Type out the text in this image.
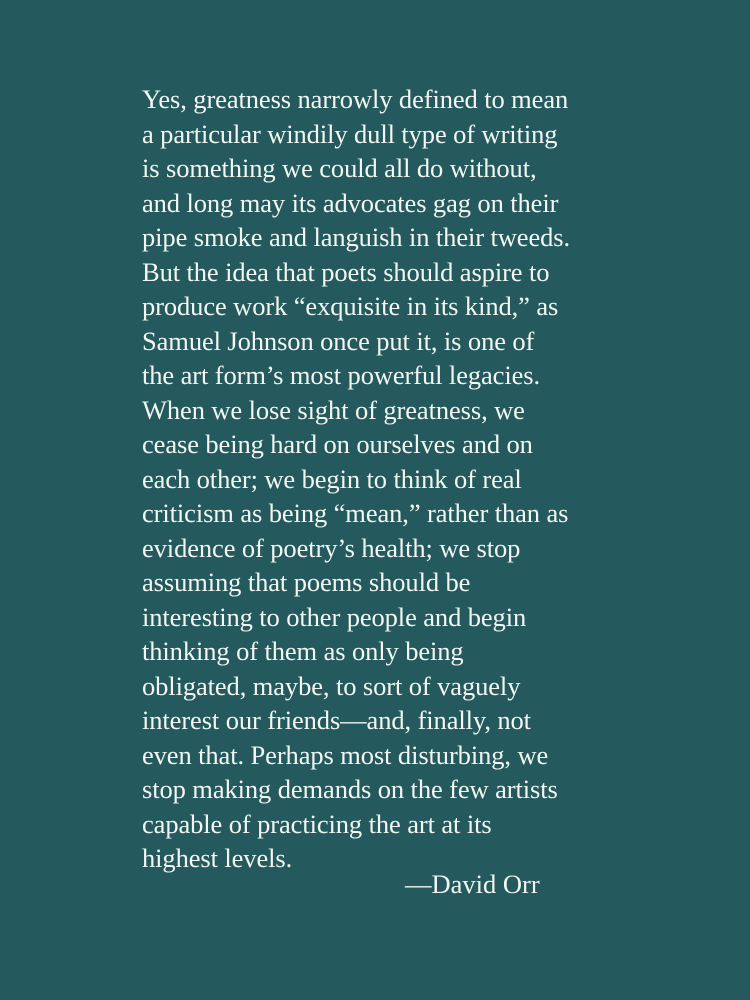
Yes, greatness narrowly defined to mean
a particular windily dull type of writing
is something we could all do without,
and long may its advocates gag on their
pipe smoke and languish in their tweeds.
But the idea that poets should aspire to
produce work “exquisite in its kind,” as
Samuel Johnson once put it, is one of
the art form’s most powerful legacies.
When we lose sight of greatness, we
cease being hard on ourselves and on
each other; we begin to think of real
criticism as being “mean,” rather than as
evidence of poetry’s health; we stop
assuming that poems should be
interesting to other people and begin
thinking of them as only being
obligated, maybe, to sort of vaguely
interest our friends—and, finally, not
even that. Perhaps most disturbing, we
stop making demands on the few artists
capable of practicing the art at its
highest levels.

—David Orr
